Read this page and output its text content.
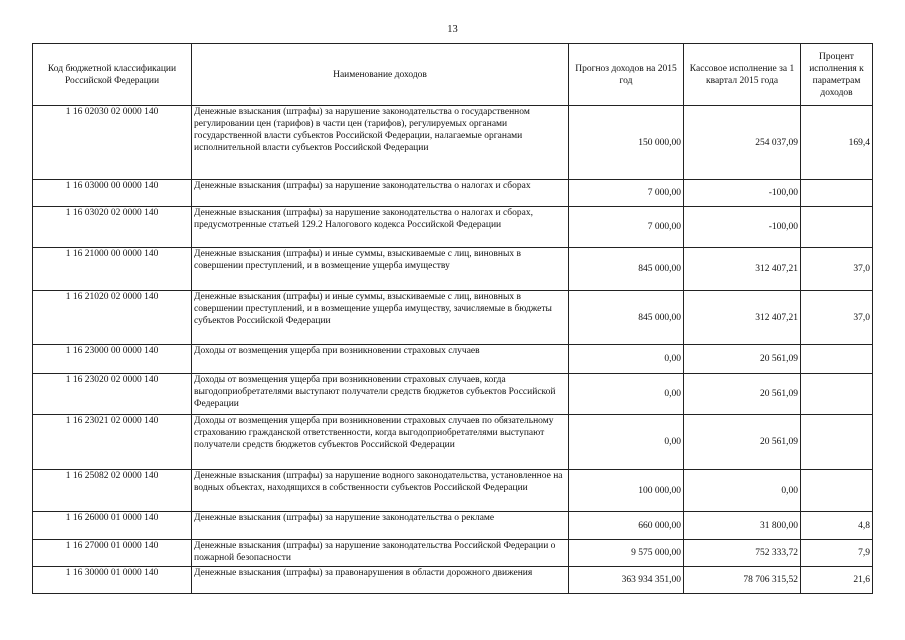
13
Код бюджетной классификации Российской Федерации	Наименование доходов	Прогноз доходов на 2015 год	Кассовое исполнение за 1 квартал 2015 года	Процент исполнения к параметрам доходов
1 16 02030 02 0000 140	Денежные взыскания (штрафы) за нарушение законодательства о государственном регулировании цен (тарифов) в части цен (тарифов), регулируемых органами государственной власти субъектов Российской Федерации, налагаемые органами исполнительной власти субъектов Российской Федерации	150 000,00	254 037,09	169,4
1 16 03000 00 0000 140	Денежные взыскания (штрафы) за нарушение законодательства о налогах и сборах	7 000,00	-100,00	
1 16 03020 02 0000 140	Денежные взыскания (штрафы) за нарушение законодательства о налогах и сборах, предусмотренные статьей 129.2 Налогового кодекса Российской Федерации	7 000,00	-100,00	
1 16 21000 00 0000 140	Денежные взыскания (штрафы) и иные суммы, взыскиваемые с лиц, виновных в совершении преступлений, и в возмещение ущерба имуществу	845 000,00	312 407,21	37,0
1 16 21020 02 0000 140	Денежные взыскания (штрафы) и иные суммы, взыскиваемые с лиц, виновных в совершении преступлений, и в возмещение ущерба имуществу, зачисляемые в бюджеты субъектов Российской Федерации	845 000,00	312 407,21	37,0
1 16 23000 00 0000 140	Доходы от возмещения ущерба при возникновении страховых случаев	0,00	20 561,09	
1 16 23020 02 0000 140	Доходы от возмещения ущерба при возникновении страховых случаев, когда выгодоприобретателями выступают получатели средств бюджетов субъектов Российской Федерации	0,00	20 561,09	
1 16 23021 02 0000 140	Доходы от возмещения ущерба при возникновении страховых случаев по обязательному страхованию гражданской ответственности, когда выгодоприобретателями выступают получатели средств бюджетов субъектов Российской Федерации	0,00	20 561,09	
1 16 25082 02 0000 140	Денежные взыскания (штрафы) за нарушение водного законодательства, установленное на водных объектах, находящихся в собственности субъектов Российской Федерации	100 000,00	0,00	
1 16 26000 01 0000 140	Денежные взыскания (штрафы) за нарушение законодательства о рекламе	660 000,00	31 800,00	4,8
1 16 27000 01 0000 140	Денежные взыскания (штрафы) за нарушение законодательства Российской Федерации о пожарной безопасности	9 575 000,00	752 333,72	7,9
1 16 30000 01 0000 140	Денежные взыскания (штрафы) за правонарушения в области дорожного движения	363 934 351,00	78 706 315,52	21,6
